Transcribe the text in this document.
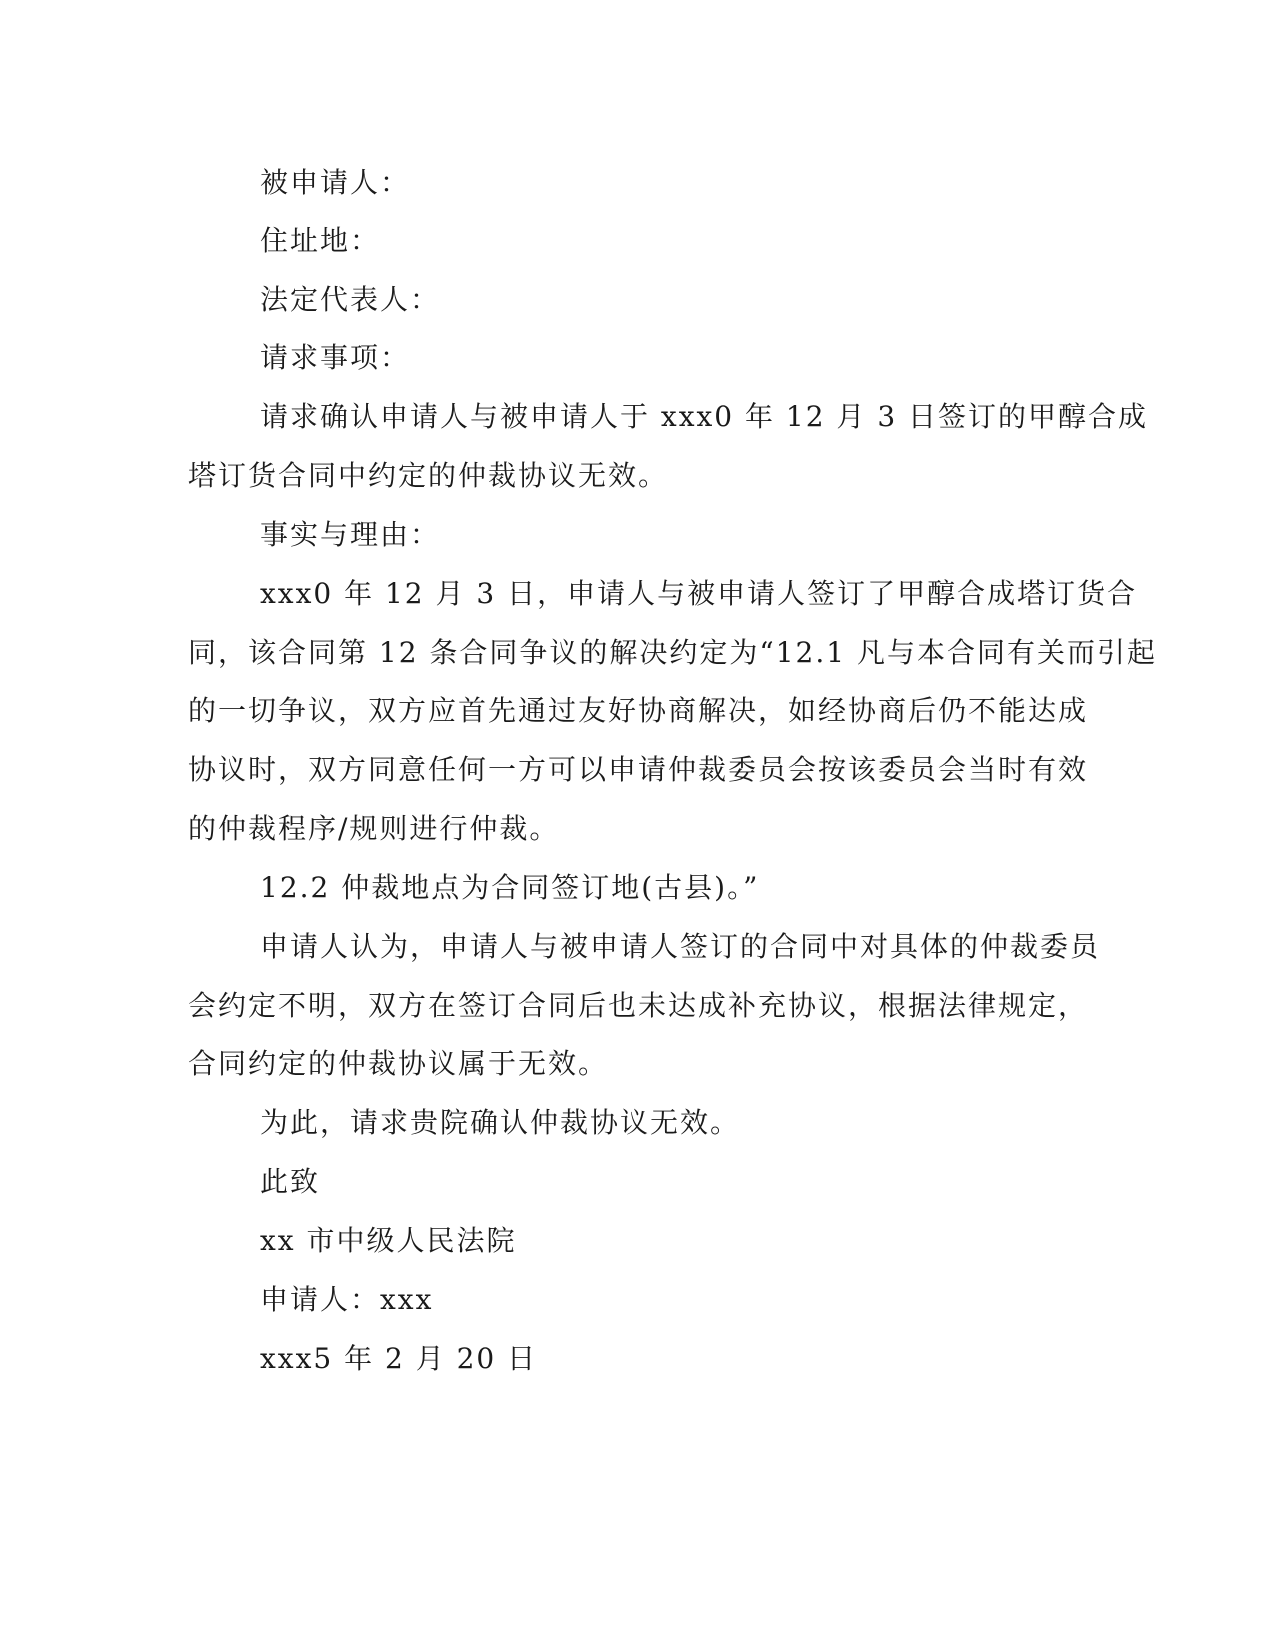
被申请人：
住址地：
法定代表人：
请求事项：
请求确认申请人与被申请人于 xxx0 年 12 月 3 日签订的甲醇合成
塔订货合同中约定的仲裁协议无效。
事实与理由：
xxx0 年 12 月 3 日，申请人与被申请人签订了甲醇合成塔订货合
同，该合同第 12 条合同争议的解决约定为“12.1 凡与本合同有关而引起
的一切争议，双方应首先通过友好协商解决，如经协商后仍不能达成
协议时，双方同意任何一方可以申请仲裁委员会按该委员会当时有效
的仲裁程序/规则进行仲裁。
12.2 仲裁地点为合同签订地(古县)。”
申请人认为，申请人与被申请人签订的合同中对具体的仲裁委员
会约定不明，双方在签订合同后也未达成补充协议，根据法律规定，
合同约定的仲裁协议属于无效。
为此，请求贵院确认仲裁协议无效。
此致
xx 市中级人民法院
申请人：xxx
xxx5 年 2 月 20 日
